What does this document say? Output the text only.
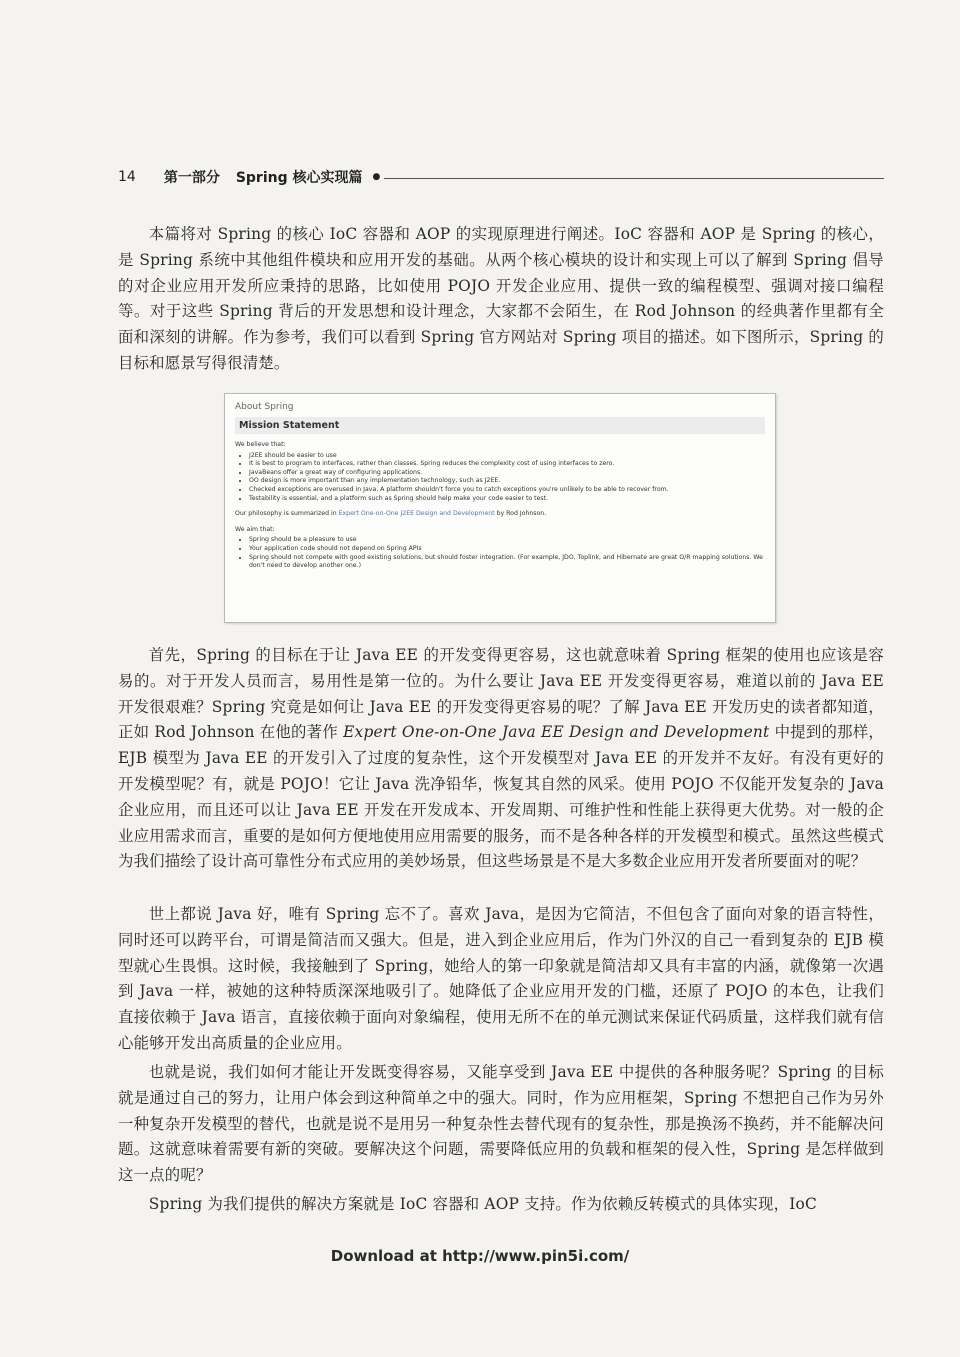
14 第一部分 Spring 核心实现篇 ●

本篇将对 Spring 的核心 IoC 容器和 AOP 的实现原理进行阐述。IoC 容器和 AOP 是 Spring 的核心，是 Spring 系统中其他组件模块和应用开发的基础。从两个核心模块的设计和实现上可以了解到 Spring 倡导的对企业应用开发所应秉持的思路，比如使用 POJO 开发企业应用、提供一致的编程模型、强调对接口编程等。对于这些 Spring 背后的开发思想和设计理念，大家都不会陌生，在 Rod Johnson 的经典著作里都有全面和深刻的讲解。作为参考，我们可以看到 Spring 官方网站对 Spring 项目的描述。如下图所示，Spring 的目标和愿景写得很清楚。

About Spring
Mission Statement

We believe that:

• J2EE should be easier to use
• It is best to program to interfaces, rather than classes. Spring reduces the complexity cost of using interfaces to zero.
• JavaBeans offer a great way of configuring applications.
• OO design is more important than any implementation technology, such as J2EE.
• Checked exceptions are overused in Java. A platform shouldn't force you to catch exceptions you're unlikely to be able to recover from.
• Testability is essential, and a platform such as Spring should help make your code easier to test.

Our philosophy is summarized in Expert One-on-One J2EE Design and Development by Rod Johnson.

We aim that:

• Spring should be a pleasure to use
• Your application code should not depend on Spring APIs
• Spring should not compete with good existing solutions, but should foster integration. (For example, JDO, Toplink, and Hibernate are great O/R mapping solutions. We don't need to develop another one.)

首先，Spring 的目标在于让 Java EE 的开发变得更容易，这也就意味着 Spring 框架的使用也应该是容易的。对于开发人员而言，易用性是第一位的。为什么要让 Java EE 开发变得更容易，难道以前的 Java EE 开发很艰难？Spring 究竟是如何让 Java EE 的开发变得更容易的呢？了解 Java EE 开发历史的读者都知道，正如 Rod Johnson 在他的著作 Expert One-on-One Java EE Design and Development 中提到的那样，EJB 模型为 Java EE 的开发引入了过度的复杂性，这个开发模型对 Java EE 的开发并不友好。有没有更好的开发模型呢？有，就是 POJO！它让 Java 洗净铅华，恢复其自然的风采。使用 POJO 不仅能开发复杂的 Java 企业应用，而且还可以让 Java EE 开发在开发成本、开发周期、可维护性和性能上获得更大优势。对一般的企业应用需求而言，重要的是如何方便地使用应用需要的服务，而不是各种各样的开发模型和模式。虽然这些模式为我们描绘了设计高可靠性分布式应用的美妙场景，但这些场景是不是大多数企业应用开发者所要面对的呢？

世上都说 Java 好，唯有 Spring 忘不了。喜欢 Java，是因为它简洁，不但包含了面向对象的语言特性，同时还可以跨平台，可谓是简洁而又强大。但是，进入到企业应用后，作为门外汉的自己一看到复杂的 EJB 模型就心生畏惧。这时候，我接触到了 Spring，她给人的第一印象就是简洁却又具有丰富的内涵，就像第一次遇到 Java 一样，被她的这种特质深深地吸引了。她降低了企业应用开发的门槛，还原了 POJO 的本色，让我们直接依赖于 Java 语言，直接依赖于面向对象编程，使用无所不在的单元测试来保证代码质量，这样我们就有信心能够开发出高质量的企业应用。

也就是说，我们如何才能让开发既变得容易，又能享受到 Java EE 中提供的各种服务呢？Spring 的目标就是通过自己的努力，让用户体会到这种简单之中的强大。同时，作为应用框架，Spring 不想把自己作为另外一种复杂开发模型的替代，也就是说不是用另一种复杂性去替代现有的复杂性，那是换汤不换药，并不能解决问题。这就意味着需要有新的突破。要解决这个问题，需要降低应用的负载和框架的侵入性，Spring 是怎样做到这一点的呢？

Spring 为我们提供的解决方案就是 IoC 容器和 AOP 支持。作为依赖反转模式的具体实现，IoC

Download at http://www.pin5i.com/
